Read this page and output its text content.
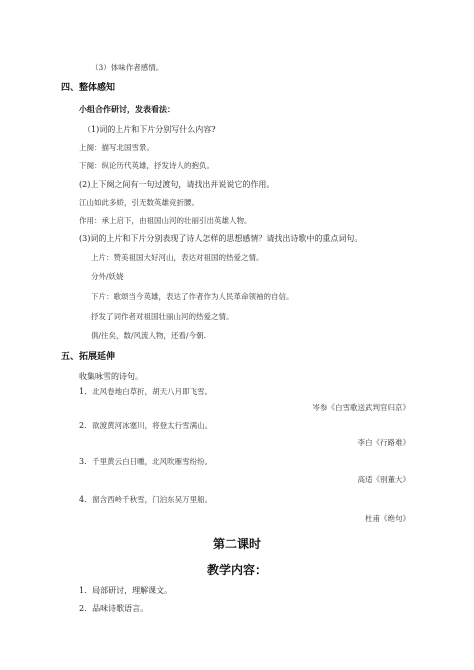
（3）体味作者感情。
四、整体感知
小组合作研讨，发表看法：
（1)词的上片和下片分别写什么内容?
上阕：描写北国雪景。
下阕：纵论历代英雄，抒发诗人的抱负。
(2)上下阕之间有一句过渡句，请找出并说说它的作用。
江山如此多娇，引无数英雄竞折腰。
作用：承上启下，由祖国山河的壮丽引出英雄人物。
(3)词的上片和下片分别表现了诗人怎样的思想感情？请找出诗歌中的重点词句。
上片：赞美祖国大好河山，表达对祖国的热爱之情。
分外/妖娆
下片：歌颂当今英雄，表达了作者作为人民革命领袖的自信。
抒发了词作者对祖国壮丽山河的热爱之情。
俱/往矣，数/风流人物，还看/今朝.
五、拓展延伸
收集咏雪的诗句。
1．北风卷地白草折，胡天八月即飞雪。
岑参《白雪歌送武判官归京》
2．欲渡黄河冰塞川，将登太行雪满山。
李白《行路难》
3．千里黄云白日曛，北风吹雁雪纷纷。
高适《别董大》
4．窗含西岭千秋雪，门泊东吴万里船。
杜甫《绝句》
第二课时
教学内容：
1．局部研讨，理解课文。
2．品味诗歌语言。
